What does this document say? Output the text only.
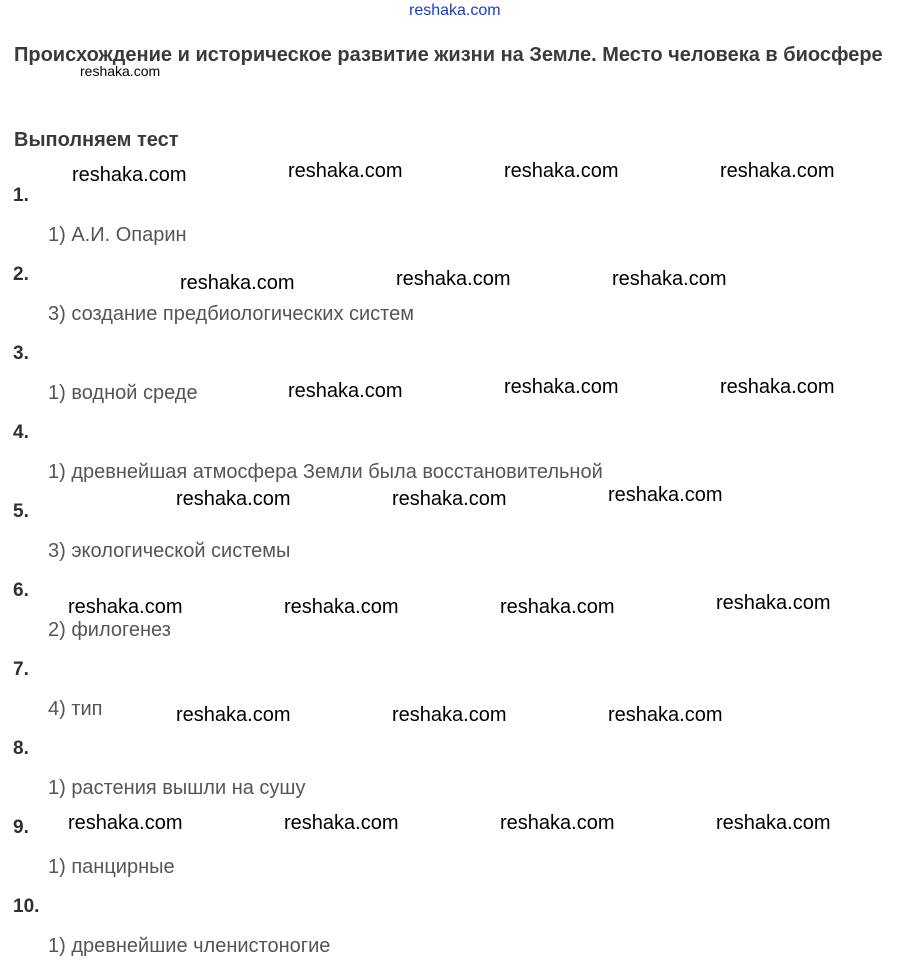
reshaka.com
Происхождение и историческое развитие жизни на Земле. Место человека в биосфере
reshaka.com
Выполняем тест
1.
1) А.И. Опарин
2.
3) создание предбиологических систем
3.
1) водной среде
4.
1) древнейшая атмосфера Земли была восстановительной
5.
3) экологической системы
6.
2) филогенез
7.
4) тип
8.
1) растения вышли на сушу
9.
1) панцирные
10.
1) древнейшие членистоногие
reshaka.com	reshaka.com	reshaka.com	reshaka.com
reshaka.com	reshaka.com	reshaka.com
reshaka.com	reshaka.com	reshaka.com
reshaka.com	reshaka.com	reshaka.com
reshaka.com	reshaka.com	reshaka.com	reshaka.com
reshaka.com	reshaka.com	reshaka.com
reshaka.com	reshaka.com	reshaka.com	reshaka.com
